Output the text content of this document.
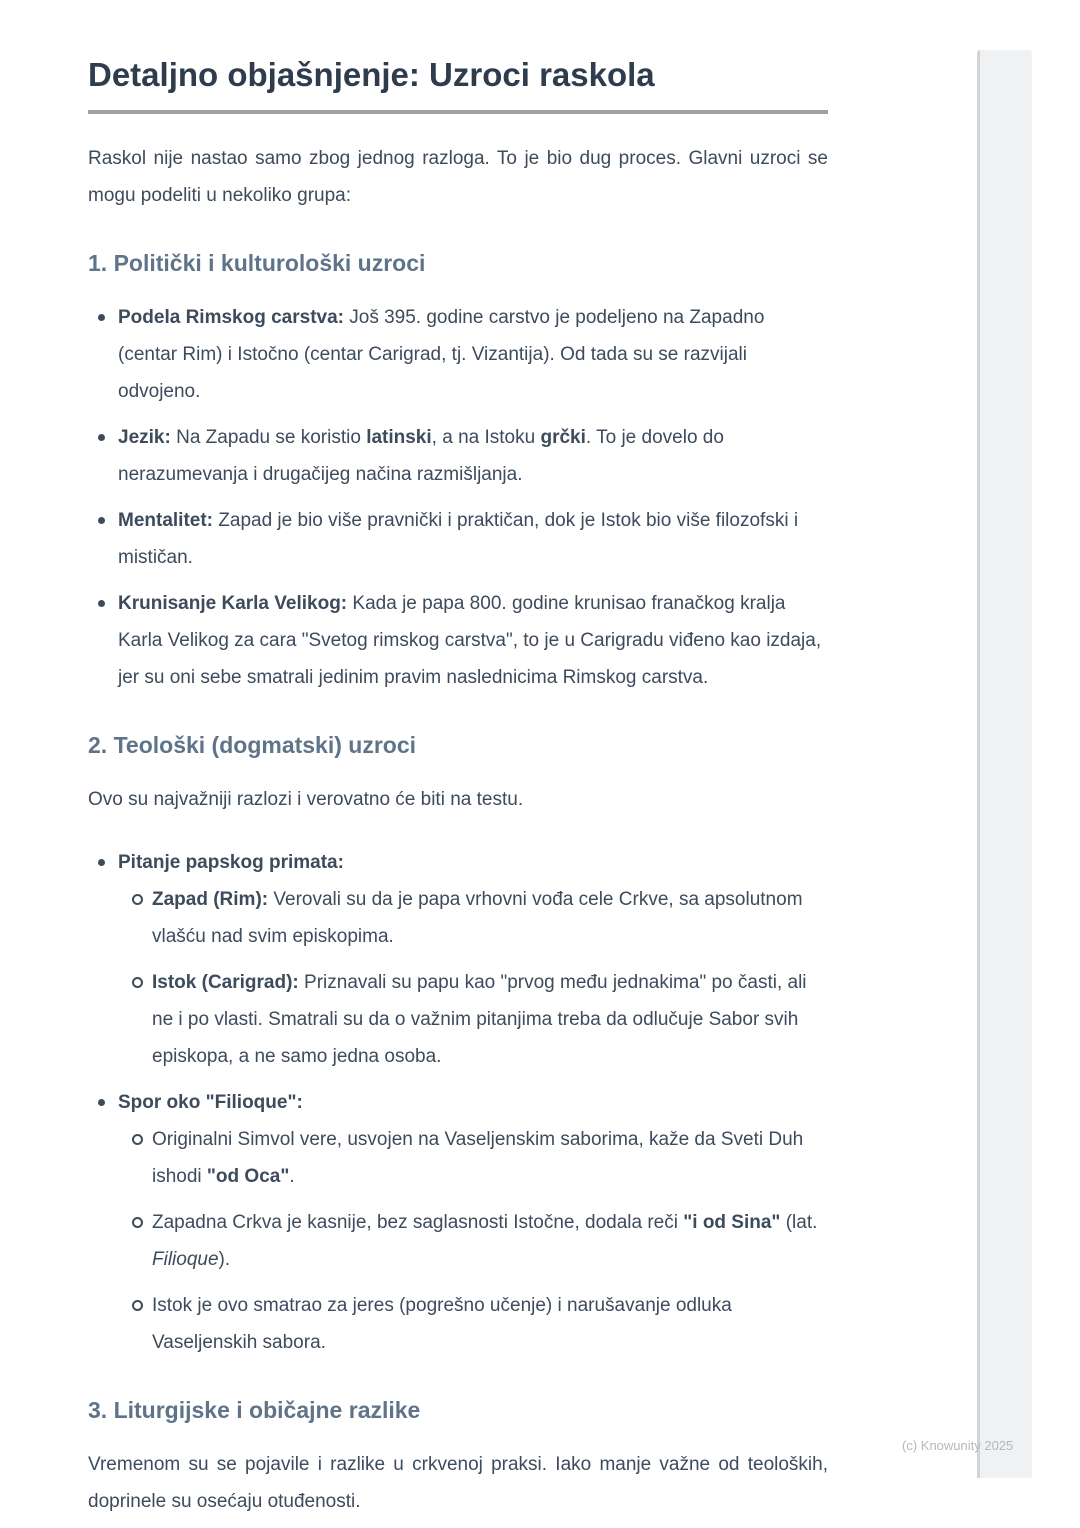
(c) Knowunity 2025
Detaljno objašnjenje: Uzroci raskola

Raskol nije nastao samo zbog jednog razloga. To je bio dug proces. Glavni uzroci se mogu podeliti u nekoliko grupa:

1. Politički i kulturološki uzroci
Podela Rimskog carstva: Još 395. godine carstvo je podeljeno na Zapadno (centar Rim) i Istočno (centar Carigrad, tj. Vizantija). Od tada su se razvijali odvojeno.
Jezik: Na Zapadu se koristio latinski, a na Istoku grčki. To je dovelo do nerazumevanja i drugačijeg načina razmišljanja.
Mentalitet: Zapad je bio više pravnički i praktičan, dok je Istok bio više filozofski i mističan.
Krunisanje Karla Velikog: Kada je papa 800. godine krunisao franačkog kralja Karla Velikog za cara "Svetog rimskog carstva", to je u Carigradu viđeno kao izdaja, jer su oni sebe smatrali jedinim pravim naslednicima Rimskog carstva.
2. Teološki (dogmatski) uzroci

Ovo su najvažniji razlozi i verovatno će biti na testu.

Pitanje papskog primata:
Zapad (Rim): Verovali su da je papa vrhovni vođa cele Crkve, sa apsolutnom vlašću nad svim episkopima.
Istok (Carigrad): Priznavali su papu kao "prvog među jednakima" po časti, ali ne i po vlasti. Smatrali su da o važnim pitanjima treba da odlučuje Sabor svih episkopa, a ne samo jedna osoba.
Spor oko "Filioque":
Originalni Simvol vere, usvojen na Vaseljenskim saborima, kaže da Sveti Duh ishodi "od Oca".
Zapadna Crkva je kasnije, bez saglasnosti Istočne, dodala reči "i od Sina" (lat. Filioque).
Istok je ovo smatrao za jeres (pogrešno učenje) i narušavanje odluka Vaseljenskih sabora.
3. Liturgijske i običajne razlike

Vremenom su se pojavile i razlike u crkvenoj praksi. Iako manje važne od teoloških, doprinele su osećaju otuđenosti.
